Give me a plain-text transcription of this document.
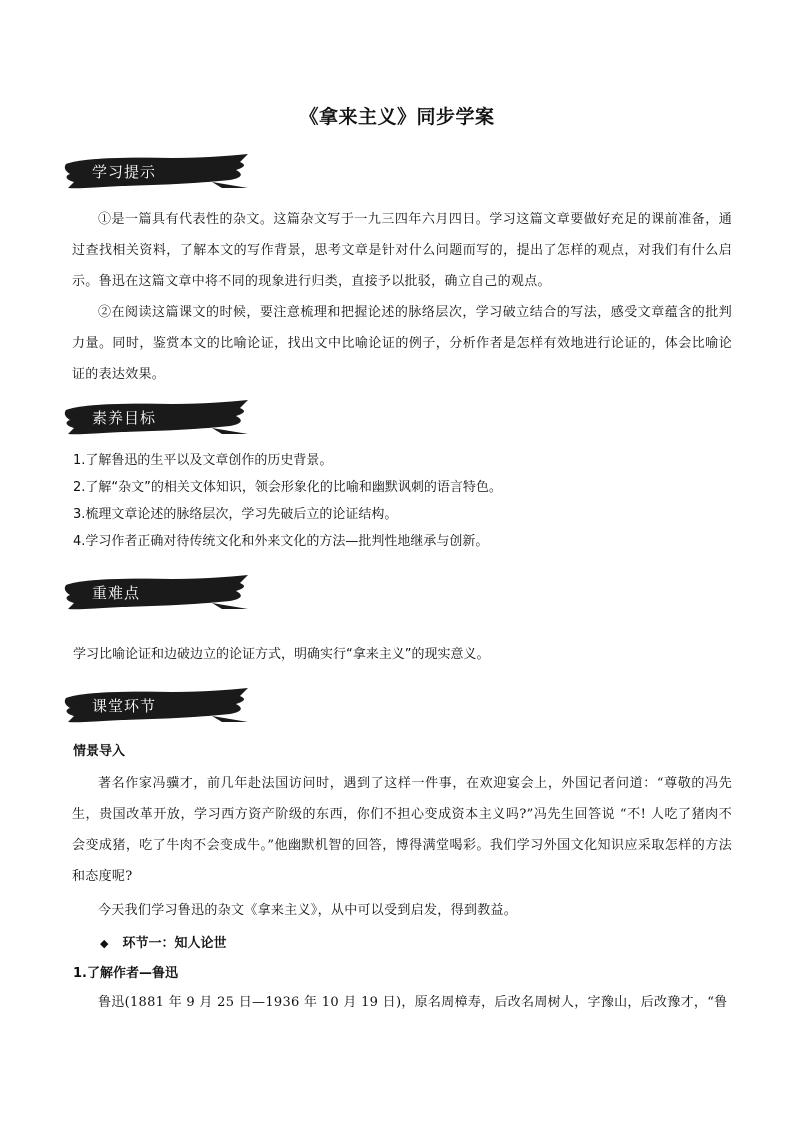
《拿来主义》同步学案
学习提示
①是一篇具有代表性的杂文。这篇杂文写于一九三四年六月四日。学习这篇文章要做好充足的课前准备，通过查找相关资料，了解本文的写作背景，思考文章是针对什么问题而写的，提出了怎样的观点，对我们有什么启示。鲁迅在这篇文章中将不同的现象进行归类，直接予以批驳，确立自己的观点。
②在阅读这篇课文的时候，要注意梳理和把握论述的脉络层次，学习破立结合的写法，感受文章蕴含的批判力量。同时，鉴赏本文的比喻论证，找出文中比喻论证的例子，分析作者是怎样有效地进行论证的，体会比喻论证的表达效果。
素养目标
1.了解鲁迅的生平以及文章创作的历史背景。
2.了解“杂文”的相关文体知识，领会形象化的比喻和幽默讽刺的语言特色。
3.梳理文章论述的脉络层次，学习先破后立的论证结构。
4.学习作者正确对待传统文化和外来文化的方法—批判性地继承与创新。
重难点
学习比喻论证和边破边立的论证方式，明确实行“拿来主义”的现实意义。
课堂环节
情景导入
著名作家冯骥才，前几年赴法国访问时，遇到了这样一件事，在欢迎宴会上，外国记者问道：“尊敬的冯先生，贵国改革开放，学习西方资产阶级的东西，你们不担心变成资本主义吗?”冯先生回答说 “不! 人吃了猪肉不会变成猪，吃了牛肉不会变成牛。”他幽默机智的回答，博得满堂喝彩。我们学习外国文化知识应采取怎样的方法和态度呢?
今天我们学习鲁迅的杂文《拿来主义》，从中可以受到启发，得到教益。
◆ 环节一：知人论世
1.了解作者—鲁迅
鲁迅(1881 年 9 月 25 日—1936 年 10 月 19 日)，原名周樟寿，后改名周树人，字豫山，后改豫才，“鲁
